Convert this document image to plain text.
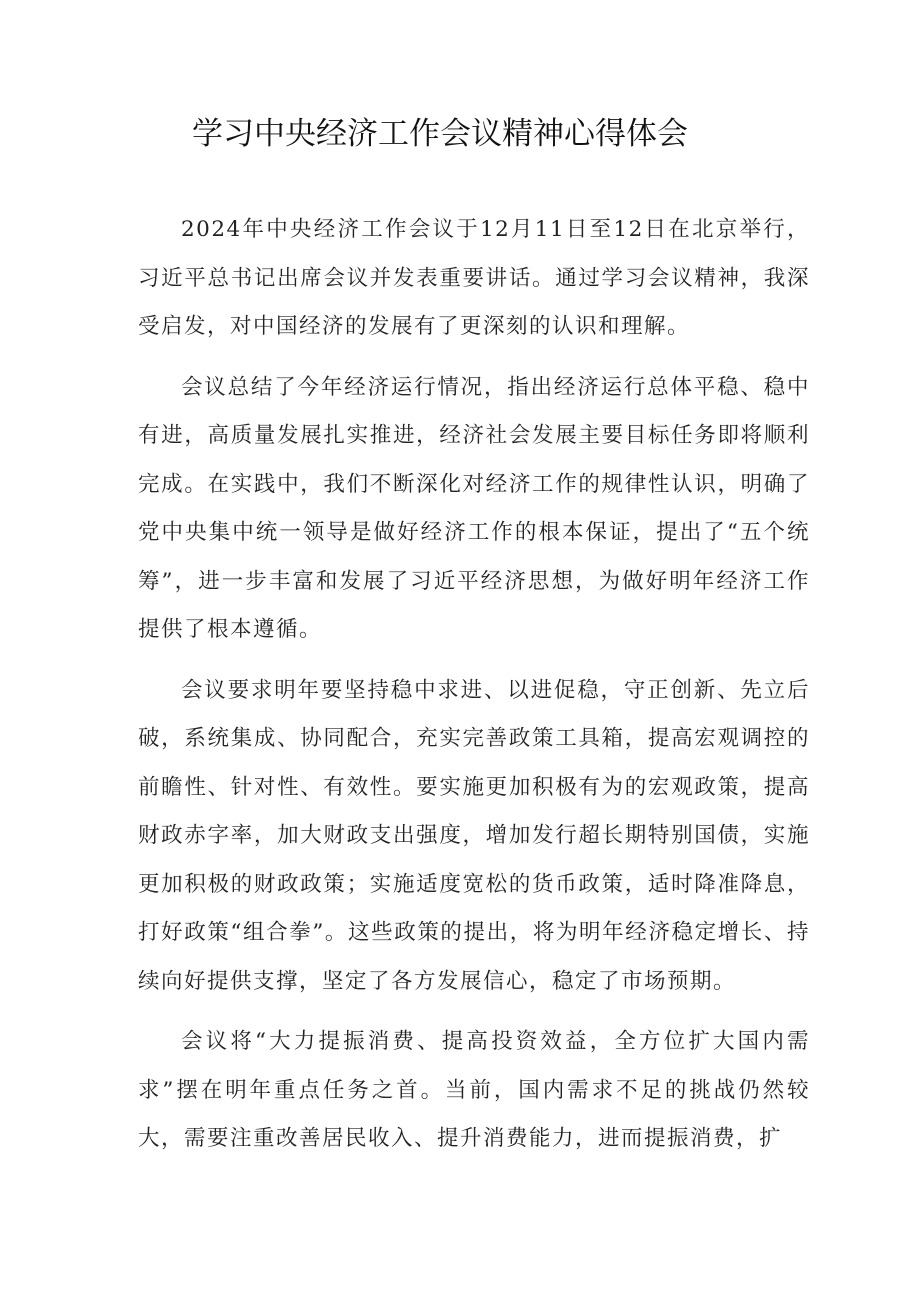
学习中央经济工作会议精神心得体会

2024年中央经济工作会议于12月11日至12日在北京举行，习近平总书记出席会议并发表重要讲话。通过学习会议精神，我深受启发，对中国经济的发展有了更深刻的认识和理解。

会议总结了今年经济运行情况，指出经济运行总体平稳、稳中有进，高质量发展扎实推进，经济社会发展主要目标任务即将顺利完成。在实践中，我们不断深化对经济工作的规律性认识，明确了党中央集中统一领导是做好经济工作的根本保证，提出了“五个统筹”，进一步丰富和发展了习近平经济思想，为做好明年经济工作提供了根本遵循。

会议要求明年要坚持稳中求进、以进促稳，守正创新、先立后破，系统集成、协同配合，充实完善政策工具箱，提高宏观调控的前瞻性、针对性、有效性。要实施更加积极有为的宏观政策，提高财政赤字率，加大财政支出强度，增加发行超长期特别国债，实施更加积极的财政政策；实施适度宽松的货币政策，适时降准降息，打好政策“组合拳”。这些政策的提出，将为明年经济稳定增长、持续向好提供支撑，坚定了各方发展信心，稳定了市场预期。

会议将“大力提振消费、提高投资效益，全方位扩大国内需求”摆在明年重点任务之首。当前，国内需求不足的挑战仍然较大，需要注重改善居民收入、提升消费能力，进而提振消费，扩
